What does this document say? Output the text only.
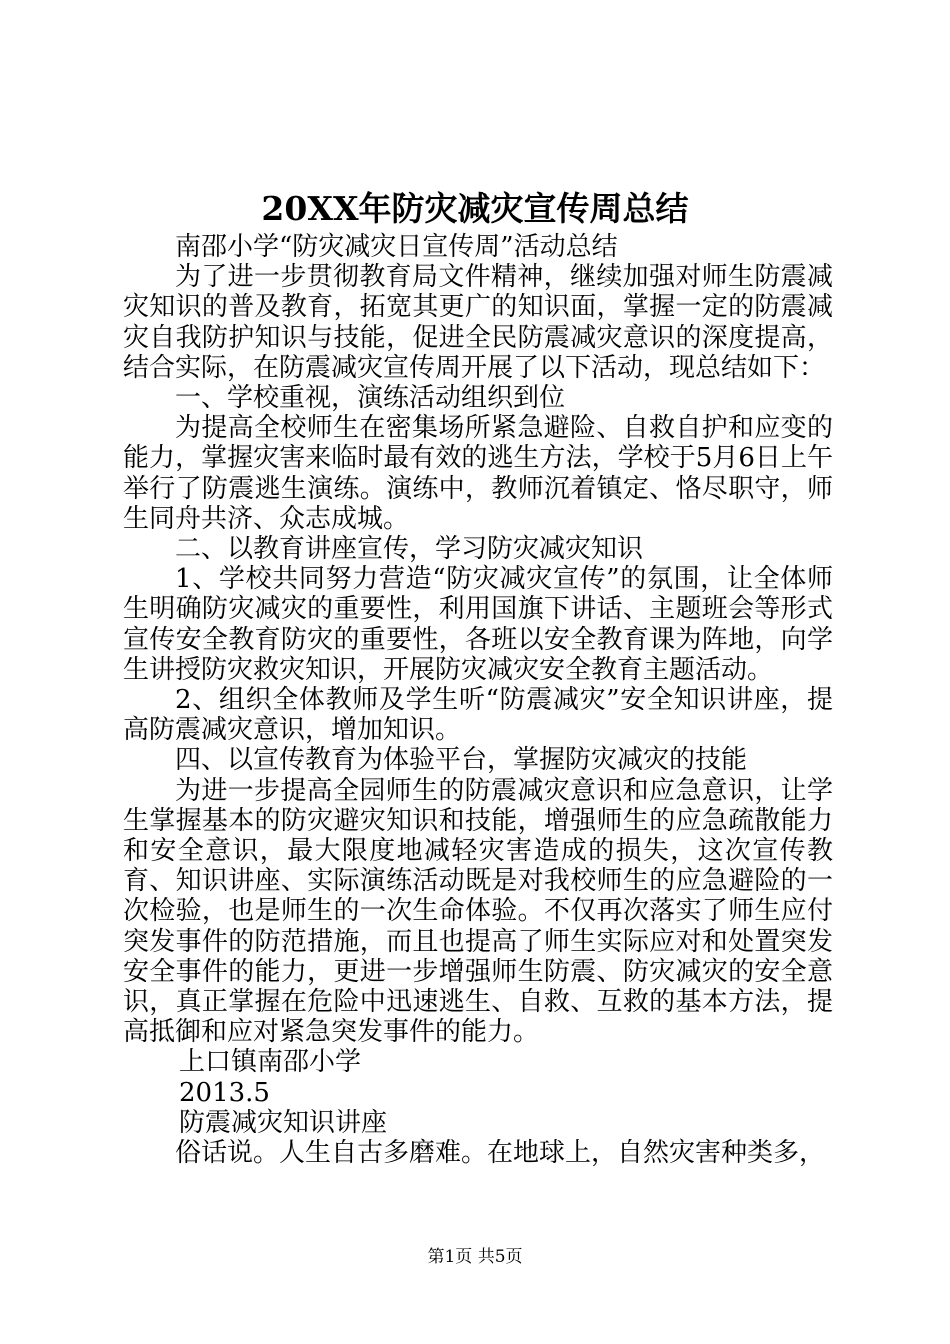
20XX年防灾减灾宣传周总结

南邵小学“防灾减灾日宣传周”活动总结

为了进一步贯彻教育局文件精神，继续加强对师生防震减灾知识的普及教育，拓宽其更广的知识面，掌握一定的防震减灾自我防护知识与技能，促进全民防震减灾意识的深度提高，结合实际，在防震减灾宣传周开展了以下活动，现总结如下：

一、学校重视，演练活动组织到位

为提高全校师生在密集场所紧急避险、自救自护和应变的能力，掌握灾害来临时最有效的逃生方法，学校于5月6日上午举行了防震逃生演练。演练中，教师沉着镇定、恪尽职守，师生同舟共济、众志成城。

二、以教育讲座宣传，学习防灾减灾知识

1、学校共同努力营造“防灾减灾宣传”的氛围，让全体师生明确防灾减灾的重要性，利用国旗下讲话、主题班会等形式宣传安全教育防灾的重要性，各班以安全教育课为阵地，向学生讲授防灾救灾知识，开展防灾减灾安全教育主题活动。

2、组织全体教师及学生听“防震减灾”安全知识讲座，提高防震减灾意识，增加知识。

四、以宣传教育为体验平台，掌握防灾减灾的技能

为进一步提高全园师生的防震减灾意识和应急意识，让学生掌握基本的防灾避灾知识和技能，增强师生的应急疏散能力和安全意识，最大限度地减轻灾害造成的损失，这次宣传教育、知识讲座、实际演练活动既是对我校师生的应急避险的一次检验，也是师生的一次生命体验。不仅再次落实了师生应付突发事件的防范措施，而且也提高了师生实际应对和处置突发安全事件的能力，更进一步增强师生防震、防灾减灾的安全意识，真正掌握在危险中迅速逃生、自救、互救的基本方法，提高抵御和应对紧急突发事件的能力。

上口镇南邵小学

2013.5

防震减灾知识讲座

俗话说。人生自古多磨难。在地球上，自然灾害种类多，

第1页 共5页
